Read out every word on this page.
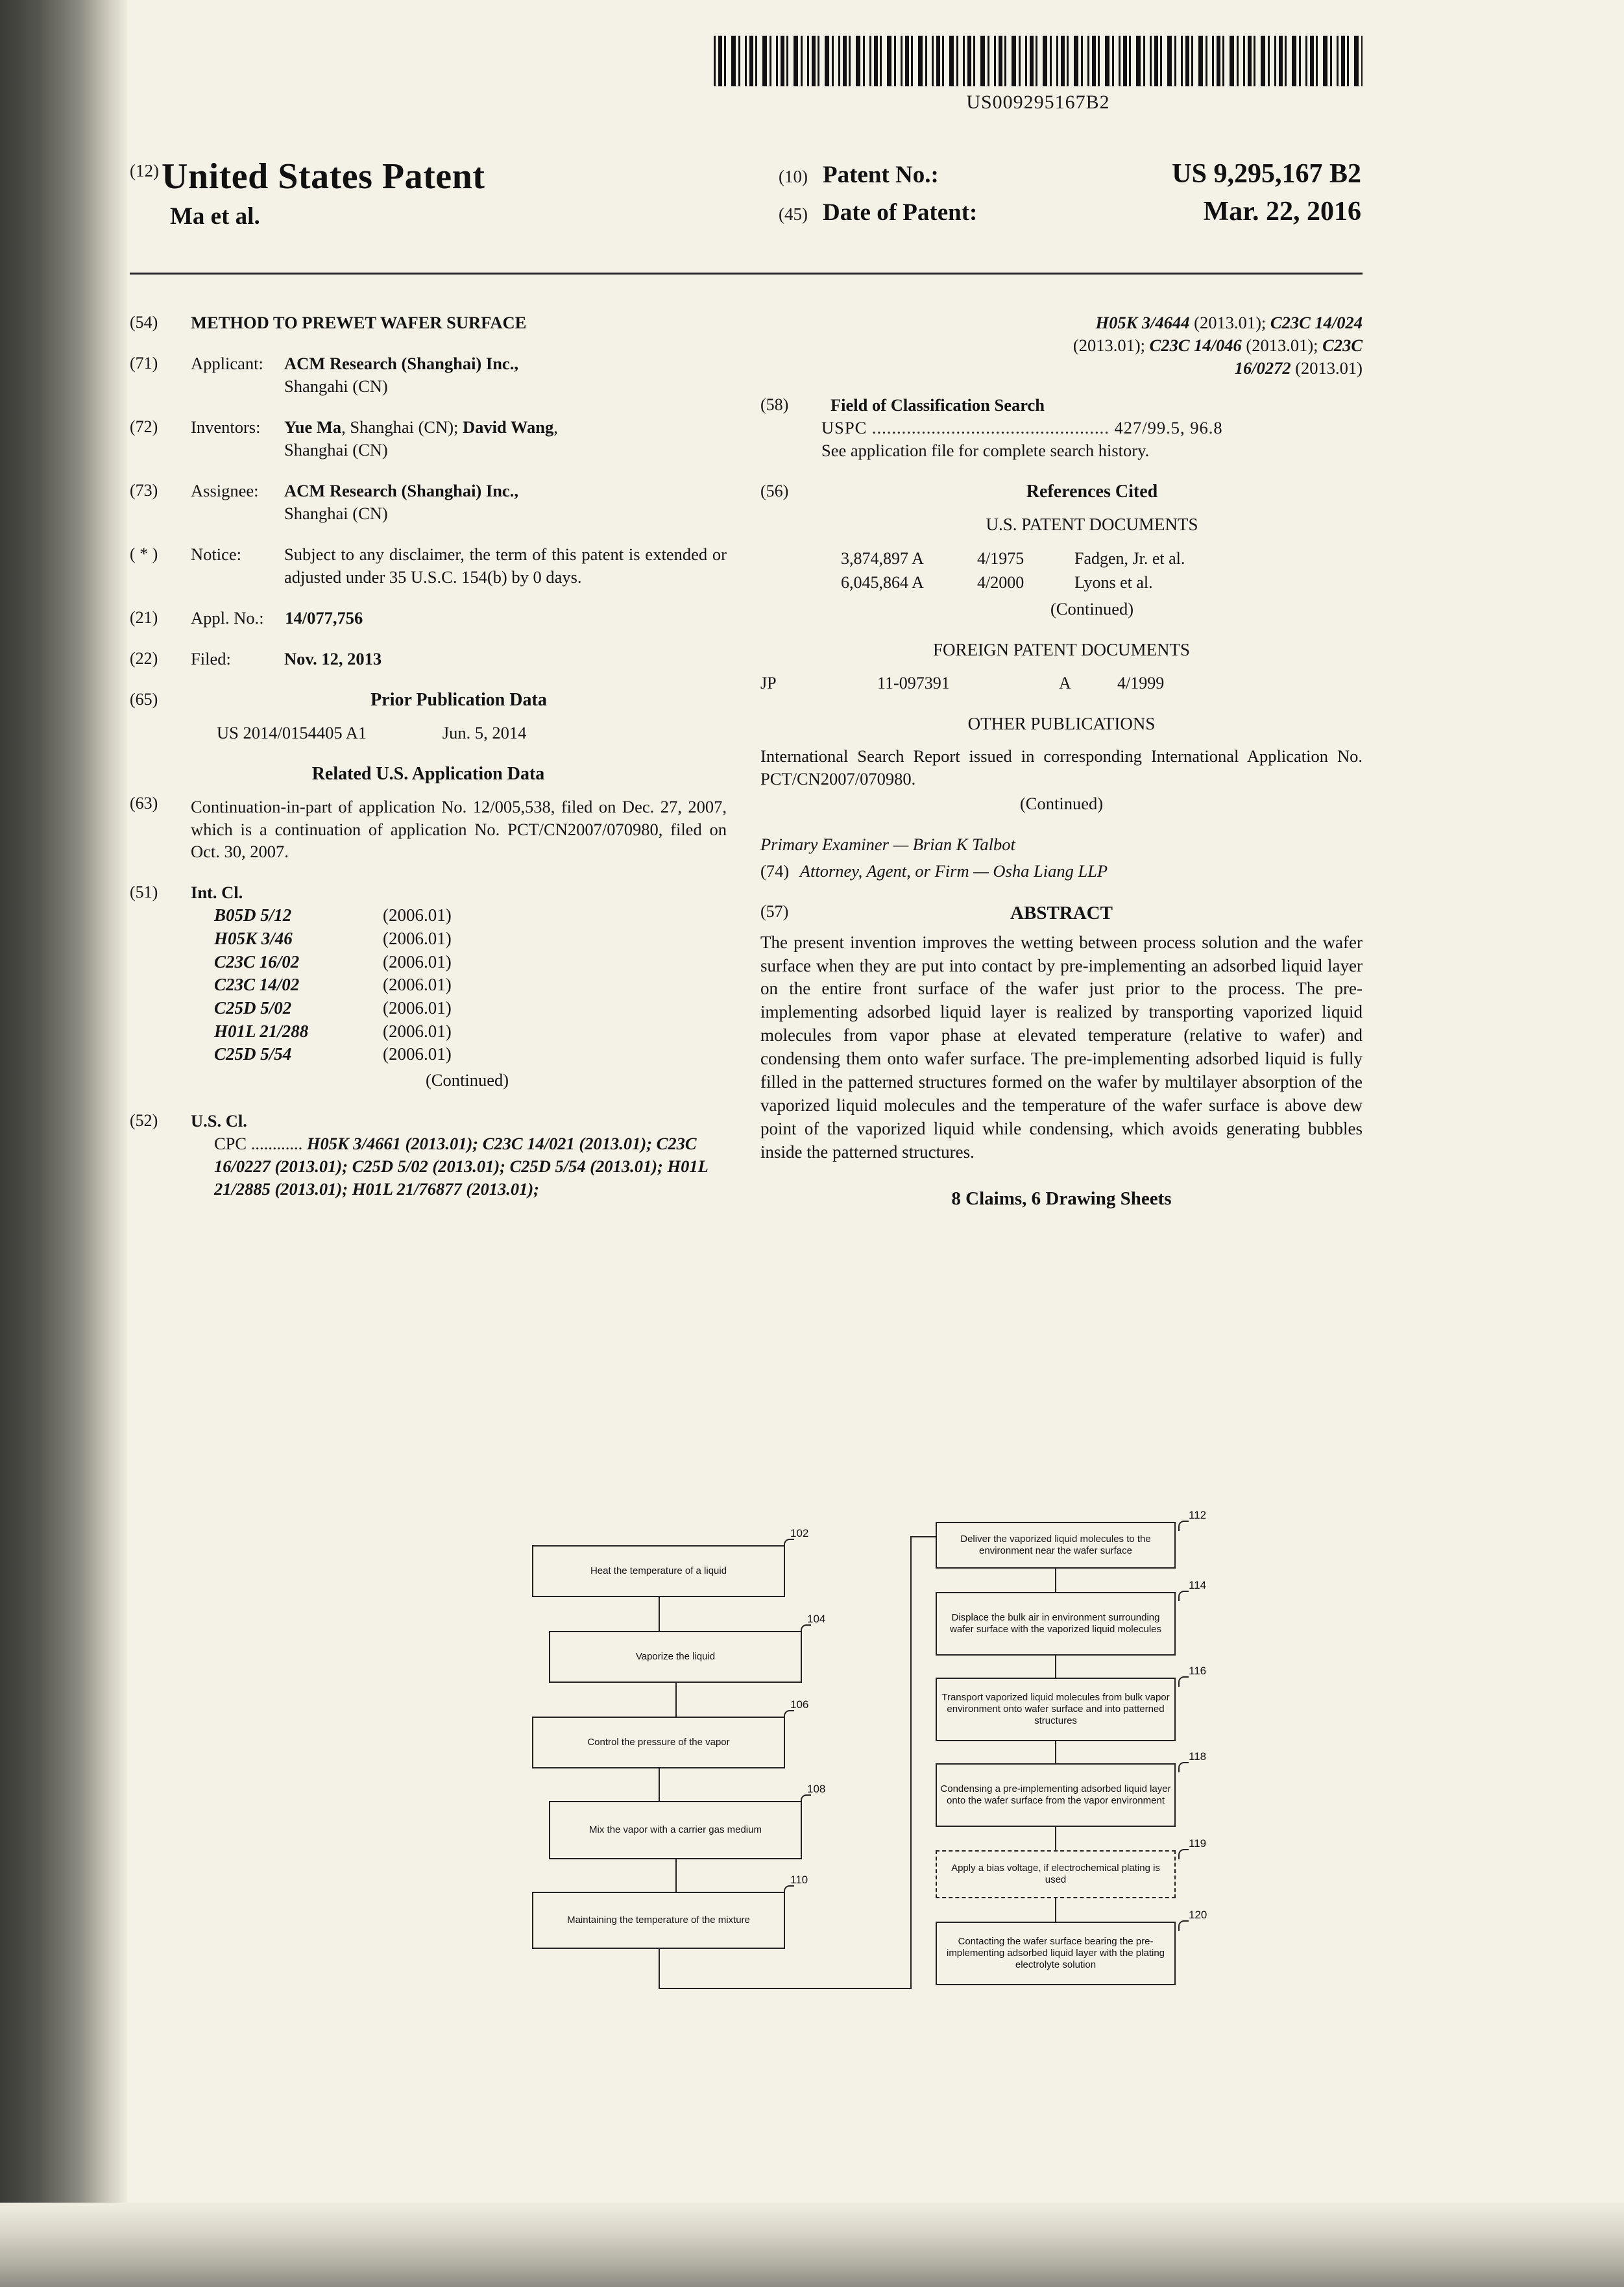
US009295167B2
(12) United States Patent
Ma et al.
(10) Patent No.:	US 9,295,167 B2
(45) Date of Patent:	Mar. 22, 2016
(54)	METHOD TO PREWET WAFER SURFACE
(71)	Applicant:	ACM Research (Shanghai) Inc.,
Shangahi (CN)
(72)	Inventors:	Yue Ma, Shanghai (CN); David Wang,
Shanghai (CN)
(73)	Assignee:	ACM Research (Shanghai) Inc.,
Shanghai (CN)
( * )	Notice:	Subject to any disclaimer, the term of this patent is extended or adjusted under 35 U.S.C. 154(b) by 0 days.
(21)	Appl. No.: 14/077,756
(22)	Filed:	Nov. 12, 2013
(65)	Prior Publication Data
US 2014/0154405 A1	Jun. 5, 2014
Related U.S. Application Data
(63)	Continuation-in-part of application No. 12/005,538, filed on Dec. 27, 2007, which is a continuation of application No. PCT/CN2007/070980, filed on Oct. 30, 2007.
(51)	Int. Cl.
B05D 5/12	(2006.01)
H05K 3/46	(2006.01)
C23C 16/02	(2006.01)
C23C 14/02	(2006.01)
C25D 5/02	(2006.01)
H01L 21/288	(2006.01)
C25D 5/54	(2006.01)
(Continued)
(52)	U.S. Cl.
CPC ............ H05K 3/4661 (2013.01); C23C 14/021 (2013.01); C23C 16/0227 (2013.01); C25D 5/02 (2013.01); C25D 5/54 (2013.01); H01L 21/2885 (2013.01); H01L 21/76877 (2013.01);
H05K 3/4644 (2013.01); C23C 14/024
(2013.01); C23C 14/046 (2013.01); C23C
16/0272 (2013.01)
(58)	Field of Classification Search
USPC ................................................ 427/99.5, 96.8
See application file for complete search history.
(56)	References Cited
U.S. PATENT DOCUMENTS
3,874,897 A	4/1975	Fadgen, Jr. et al.
6,045,864 A	4/2000	Lyons et al.
(Continued)
FOREIGN PATENT DOCUMENTS
JP	11-097391	A	4/1999
OTHER PUBLICATIONS
International Search Report issued in corresponding International Application No. PCT/CN2007/070980.
(Continued)
Primary Examiner — Brian K Talbot
(74) Attorney, Agent, or Firm — Osha Liang LLP
(57)	ABSTRACT
The present invention improves the wetting between process solution and the wafer surface when they are put into contact by pre-implementing an adsorbed liquid layer on the entire front surface of the wafer just prior to the process. The pre-implementing adsorbed liquid layer is realized by transporting vaporized liquid molecules from vapor phase at elevated temperature (relative to wafer) and condensing them onto wafer surface. The pre-implementing adsorbed liquid is fully filled in the patterned structures formed on the wafer by multilayer absorption of the vaporized liquid molecules and the temperature of the wafer surface is above dew point of the vaporized liquid while condensing, which avoids generating bubbles inside the patterned structures.
8 Claims, 6 Drawing Sheets
Heat the temperature of a liquid
Vaporize the liquid
Control the pressure of the vapor
Mix the vapor with a carrier gas medium
Maintaining the temperature of the mixture
102
104
106
108
110
Deliver the vaporized liquid molecules to the environment near the wafer surface
Displace the bulk air in environment surrounding wafer surface with the vaporized liquid molecules
Transport vaporized liquid molecules from bulk vapor environment onto wafer surface and into patterned structures
Condensing a pre-implementing adsorbed liquid layer onto the wafer surface from the vapor environment
Apply a bias voltage, if electrochemical plating is used
Contacting the wafer surface bearing the pre-implementing adsorbed liquid layer with the plating electrolyte solution
112
114
116
118
119
120
